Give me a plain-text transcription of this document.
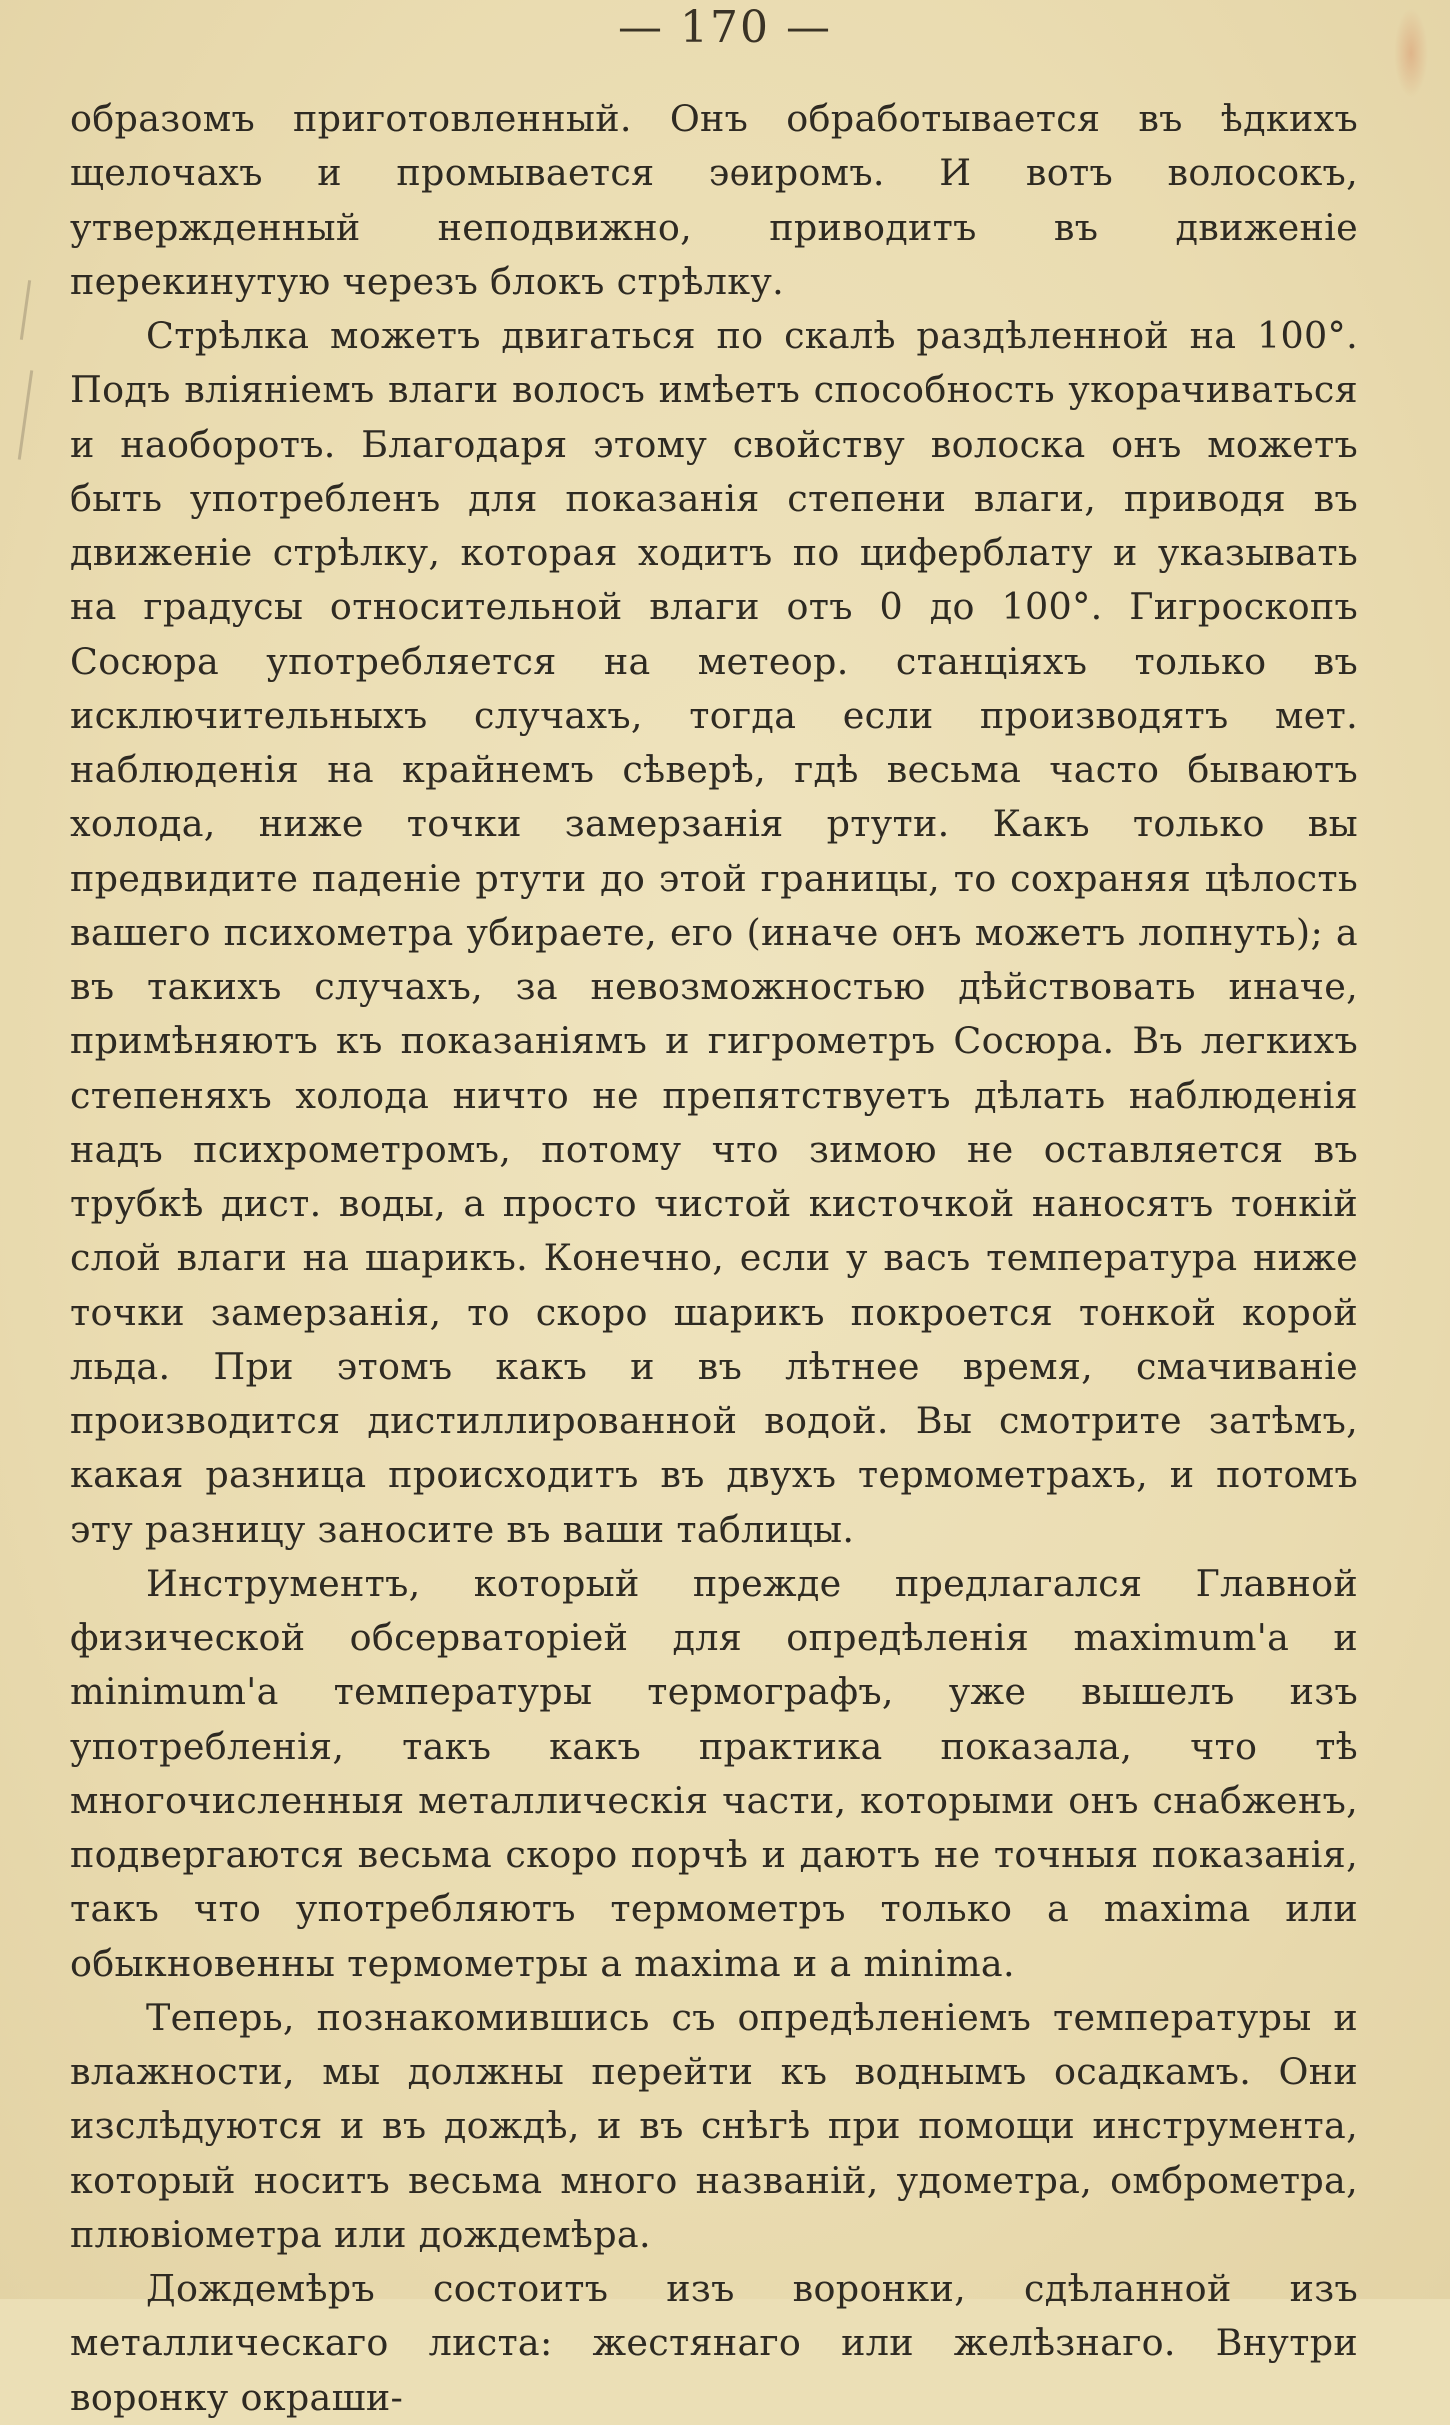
— 170 —

образомъ приготовленный. Онъ обработывается въ ѣдкихъ щелочахъ и промывается эѳиромъ. И вотъ волосокъ, утвержденный неподвижно, приводитъ въ движеніе перекинутую черезъ блокъ стрѣлку.

Стрѣлка можетъ двигаться по скалѣ раздѣленной на 100°. Подъ вліяніемъ влаги волосъ имѣетъ способность укорачиватьcя и наоборотъ. Благодаря этому свойству волоска онъ можетъ быть употребленъ для показанія степени влаги, приводя въ движеніе стрѣлку, которая ходитъ по циферблату и указывать на градусы относительной влаги отъ 0 до 100°. Гигроскопъ Сосюра употребляется на метеор. станціяхъ только въ исключительныхъ случахъ, тогда если производятъ мет. наблюденія на крайнемъ сѣверѣ, гдѣ весьма часто бываютъ холода, ниже точки замерзанія ртути. Какъ только вы предвидите паденіе ртути до этой границы, то сохраняя цѣлость вашего психометра убираете, его (иначе онъ можетъ лопнуть); а въ такихъ случахъ, за невозможностью дѣйствовать иначе, примѣняютъ къ показаніямъ и гигрометръ Сосюра. Въ легкихъ степеняхъ холода ничто не препятствуетъ дѣлать наблюденія надъ психрометромъ, потому что зимою не оставляется въ трубкѣ дист. воды, а просто чистой кисточкой наносятъ тонкій слой влаги на шарикъ. Конечно, если у васъ температура ниже точки замерзанія, то скоро шарикъ покроется тонкой корой льда. При этомъ какъ и въ лѣтнее время, смачиваніе производится дистиллированной водой. Вы смотрите затѣмъ, какая разница происходитъ въ двухъ термометрахъ, и потомъ эту разницу заносите въ ваши таблицы.

Инструментъ, который прежде предлагался Главной физической обсерваторіей для опредѣленія maximum'a и minimum'a температуры термографъ, уже вышелъ изъ употребленія, такъ какъ практика показала, что тѣ многочисленныя металлическія части, которыми онъ снабженъ, подвергаются весьма скоро порчѣ и даютъ не точныя показанія, такъ что употребляютъ термометръ только a maxima или обыкновенны термометры a maxima и a minima.

Теперь, познакомившись съ опредѣленіемъ температуры и влажности, мы должны перейти къ воднымъ осадкамъ. Они изслѣдуются и въ дождѣ, и въ снѣгѣ при помощи инструмента, который носитъ весьма много названій, удометра, омброметра, плювіометра или дождемѣра.

Дождемѣръ состоитъ изъ воронки, сдѣланной изъ металлическаго листа: жестянаго или желѣзнаго. Внутри воронку окраши-
